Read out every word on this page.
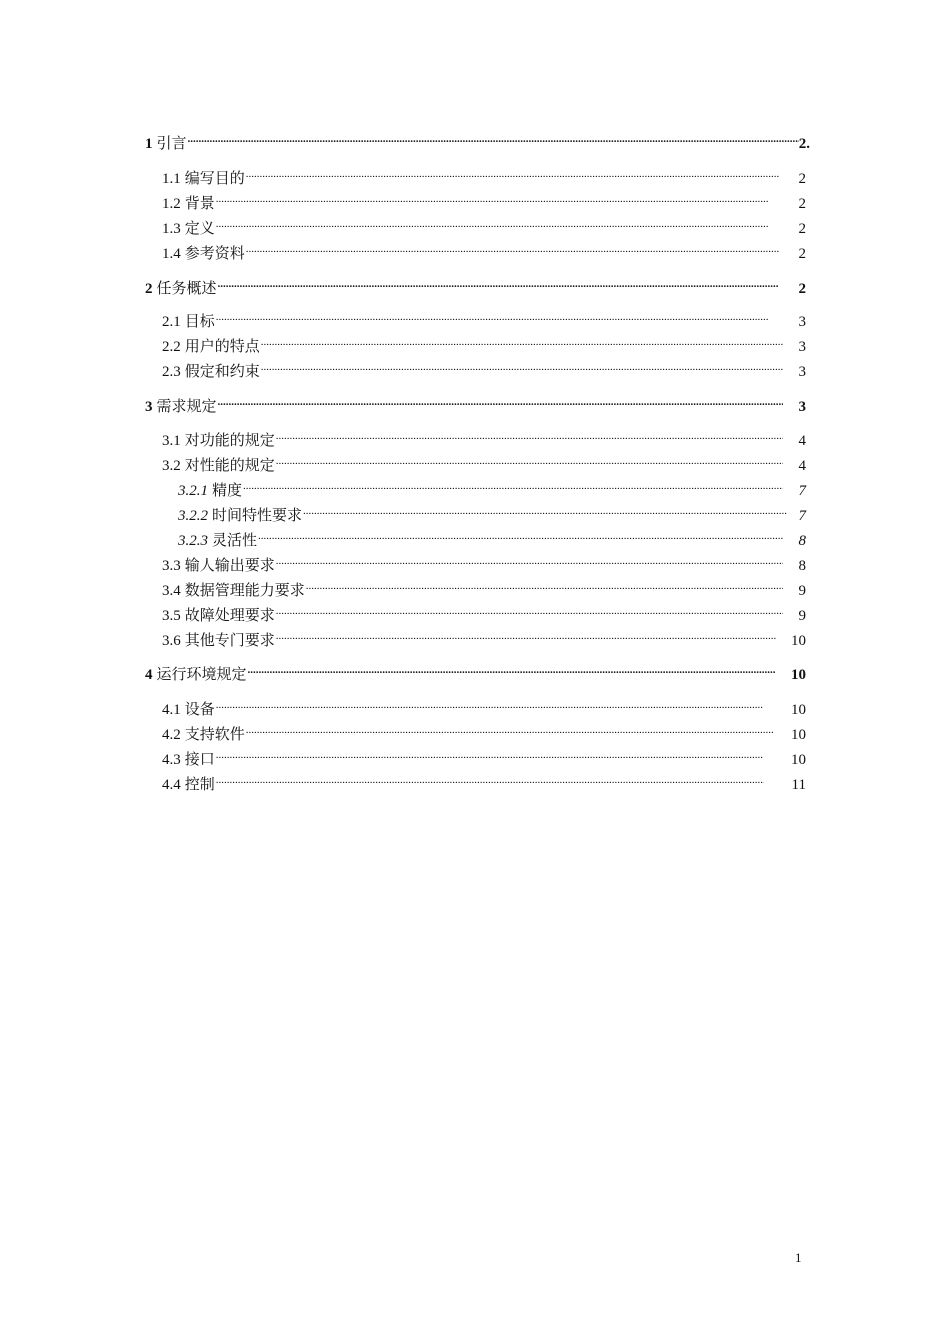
1 引言 .....	2.
1.1 编写目的 .....	2
1.2 背景 .....	2
1.3 定义 .....	2
1.4 参考资料 .....	2
2 任务概述 .....	2
2.1 目标 .....	3
2.2 用户的特点 .....	3
2.3 假定和约束 .....	3
3 需求规定 .....	3
3.1 对功能的规定 .....	4
3.2 对性能的规定 .....	4
3.2.1 精度 .....	7
3.2.2 时间特性要求 .....	7
3.2.3 灵活性 .....	8
3.3 输人输出要求 .....	8
3.4 数据管理能力要求 .....	9
3.5 故障处理要求 .....	9
3.6 其他专门要求 .....	10
4 运行环境规定 .....	10
4.1 设备 .....	10
4.2 支持软件 .....	10
4.3 接口 .....	10
4.4 控制 .....	11
1
